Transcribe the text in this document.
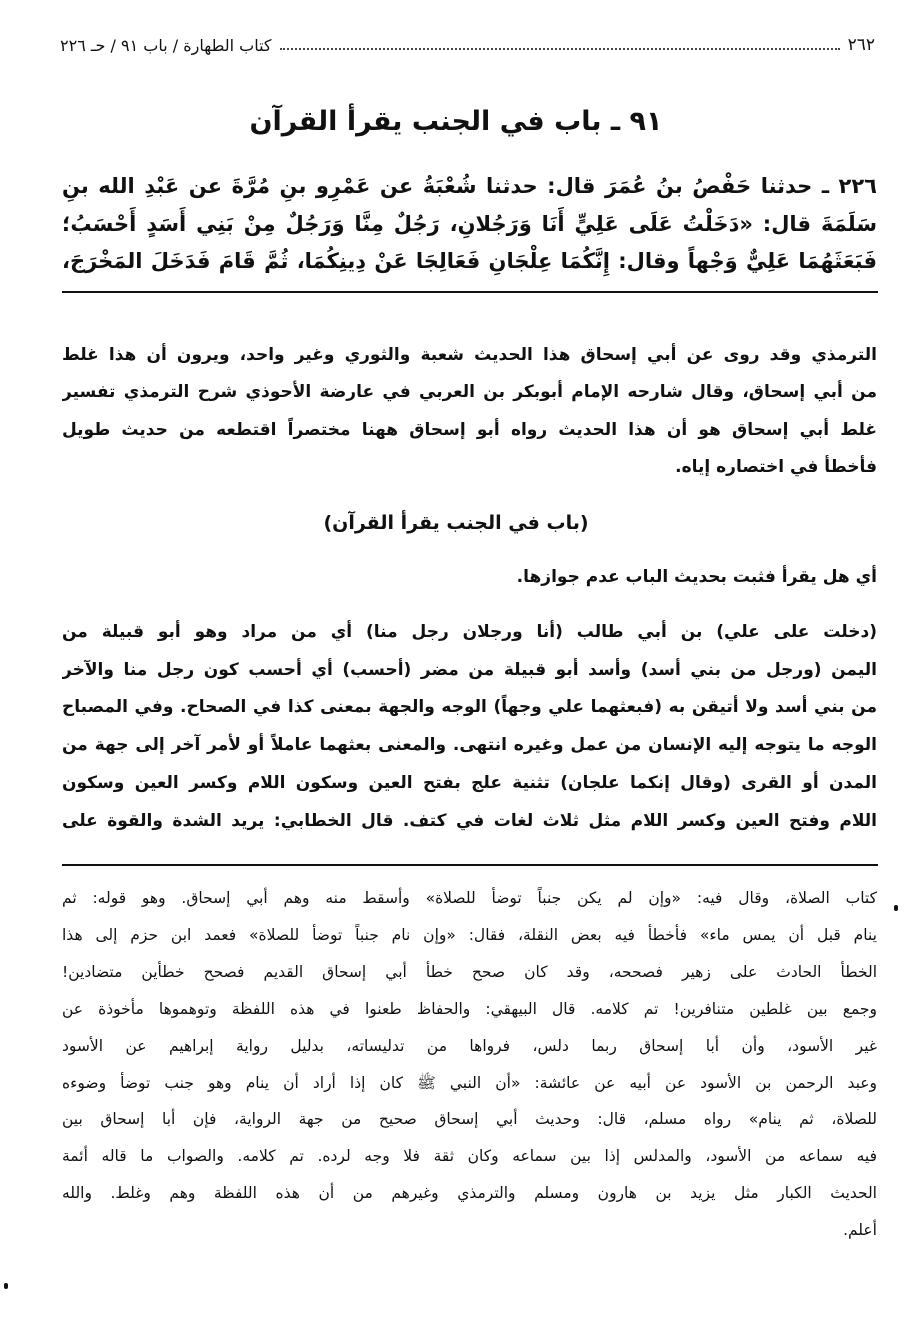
٢٦٢
كتاب الطهارة / باب ٩١ / حـ ٢٢٦
٩١ ـ باب في الجنب يقرأ القرآن
٢٢٦ ـ حدثنا حَفْصُ بنُ عُمَرَ قال: حدثنا شُعْبَةُ عن عَمْرِو بنِ مُرَّةَ عن عَبْدِ الله بنِ
سَلَمَةَ قال: «دَخَلْتُ عَلَى عَلِيٍّ أَنَا وَرَجُلانِ، رَجُلٌ مِنَّا وَرَجُلٌ مِنْ بَنِي أَسَدٍ أَحْسَبُ؛
فَبَعَثَهُمَا عَلِيٌّ وَجْهاً وقال: إِنَّكُمَا عِلْجَانِ فَعَالِجَا عَنْ دِينِكُمَا، ثُمَّ قَامَ فَدَخَلَ المَخْرَجَ،
الترمذي وقد روى عن أبي إسحاق هذا الحديث شعبة والثوري وغير واحد، ويرون أن هذا غلط
من أبي إسحاق، وقال شارحه الإمام أبوبكر بن العربي في عارضة الأحوذي شرح الترمذي تفسير
غلط أبي إسحاق هو أن هذا الحديث رواه أبو إسحاق ههنا مختصراً اقتطعه من حديث طويل
فأخطأ في اختصاره إياه.
(باب في الجنب يقرأ القرآن)
أي هل يقرأ فثبت بحديث الباب عدم جوازها.
(دخلت على علي) بن أبي طالب (أنا ورجلان رجل منا) أي من مراد وهو أبو قبيلة من
اليمن (ورجل من بني أسد) وأسد أبو قبيلة من مضر (أحسب) أي أحسب كون رجل منا والآخر
من بني أسد ولا أتيقن به (فبعثهما علي وجهاً) الوجه والجهة بمعنى كذا في الصحاح. وفي المصباح
الوجه ما يتوجه إليه الإنسان من عمل وغيره انتهى. والمعنى بعثهما عاملاً أو لأمر آخر إلى جهة من
المدن أو القرى (وقال إنكما علجان) تثنية علج بفتح العين وسكون اللام وكسر العين وسكون
اللام وفتح العين وكسر اللام مثل ثلاث لغات في كتف. قال الخطابي: يريد الشدة والقوة على
كتاب الصلاة، وقال فيه: «وإن لم يكن جنباً توضأ للصلاة» وأسقط منه وهم أبي إسحاق. وهو قوله: ثم
ينام قبل أن يمس ماء» فأخطأ فيه بعض النقلة، فقال: «وإن نام جنباً توضأ للصلاة» فعمد ابن حزم إلى هذا
الخطأ الحادث على زهير فصححه، وقد كان صحح خطأ أبي إسحاق القديم فصحح خطأين متضادين!
وجمع بين غلطين متنافرين! تم كلامه. قال البيهقي: والحفاظ طعنوا في هذه اللفظة وتوهموها مأخوذة عن
غير الأسود، وأن أبا إسحاق ربما دلس، فرواها من تدليساته، بدليل رواية إبراهيم عن الأسود
وعبد الرحمن بن الأسود عن أبيه عن عائشة: «أن النبي ﷺ كان إذا أراد أن ينام وهو جنب توضأ وضوءه
للصلاة، ثم ينام» رواه مسلم، قال: وحديث أبي إسحاق صحيح من جهة الرواية، فإن أبا إسحاق بين
فيه سماعه من الأسود، والمدلس إذا بين سماعه وكان ثقة فلا وجه لرده. تم كلامه. والصواب ما قاله أئمة
الحديث الكبار مثل يزيد بن هارون ومسلم والترمذي وغيرهم من أن هذه اللفظة وهم وغلط. والله
أعلم.
